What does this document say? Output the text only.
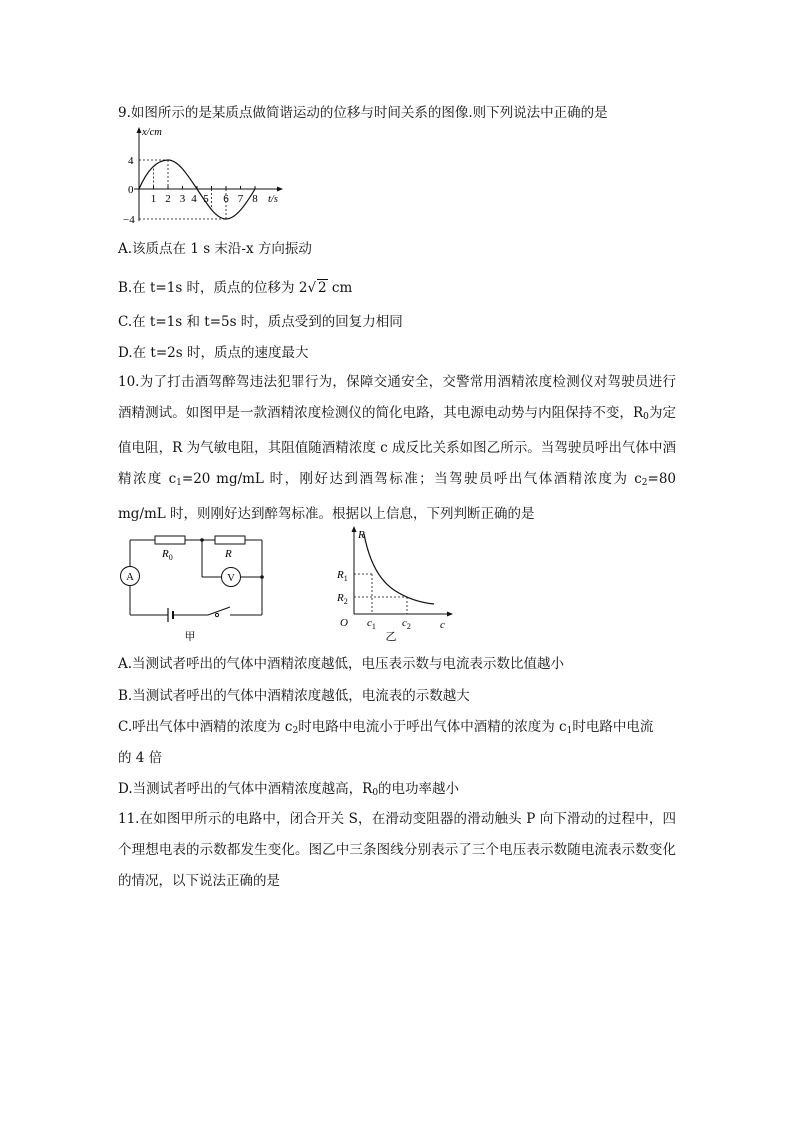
9.如图所示的是某质点做简谐运动的位移与时间关系的图像.则下列说法中正确的是
x/cm
t/s
4
0
−4
1 2 3 4 5 6 7 8
A.该质点在 1 s 末沿-x 方向振动
B.在 t=1s 时，质点的位移为 2√ 2 cm
C.在 t=1s 和 t=5s 时，质点受到的回复力相同
D.在 t=2s 时，质点的速度最大
10.为了打击酒驾醉驾违法犯罪行为，保障交通安全，交警常用酒精浓度检测仪对驾驶员进行酒精测试。如图甲是一款酒精浓度检测仪的简化电路，其电源电动势与内阻保持不变，$R_0$为定值电阻，R 为气敏电阻，其阻值随酒精浓度 c 成反比关系如图乙所示。当驾驶员呼出气体中酒精浓度 $c_1=20$ mg/mL 时，刚好达到酒驾标准；当驾驶员呼出气体酒精浓度为 $c_2=80$ mg/mL 时，则刚好达到醉驾标准。根据以上信息，下列判断正确的是
$R_0$	R
A	V
甲
R
c
O
$R_1$
$R_2$
$c_1$ $c_2$
乙
A.当测试者呼出的气体中酒精浓度越低，电压表示数与电流表示数比值越小
B.当测试者呼出的气体中酒精浓度越低，电流表的示数越大
C.呼出气体中酒精的浓度为 $c_2$时电路中电流小于呼出气体中酒精的浓度为 $c_1$时电路中电流
的 4 倍
D.当测试者呼出的气体中酒精浓度越高，$R_0$的电功率越小
11.在如图甲所示的电路中，闭合开关 S，在滑动变阻器的滑动触头 P 向下滑动的过程中，四个理想电表的示数都发生变化。图乙中三条图线分别表示了三个电压表示数随电流表示数变化的情况，以下说法正确的是
